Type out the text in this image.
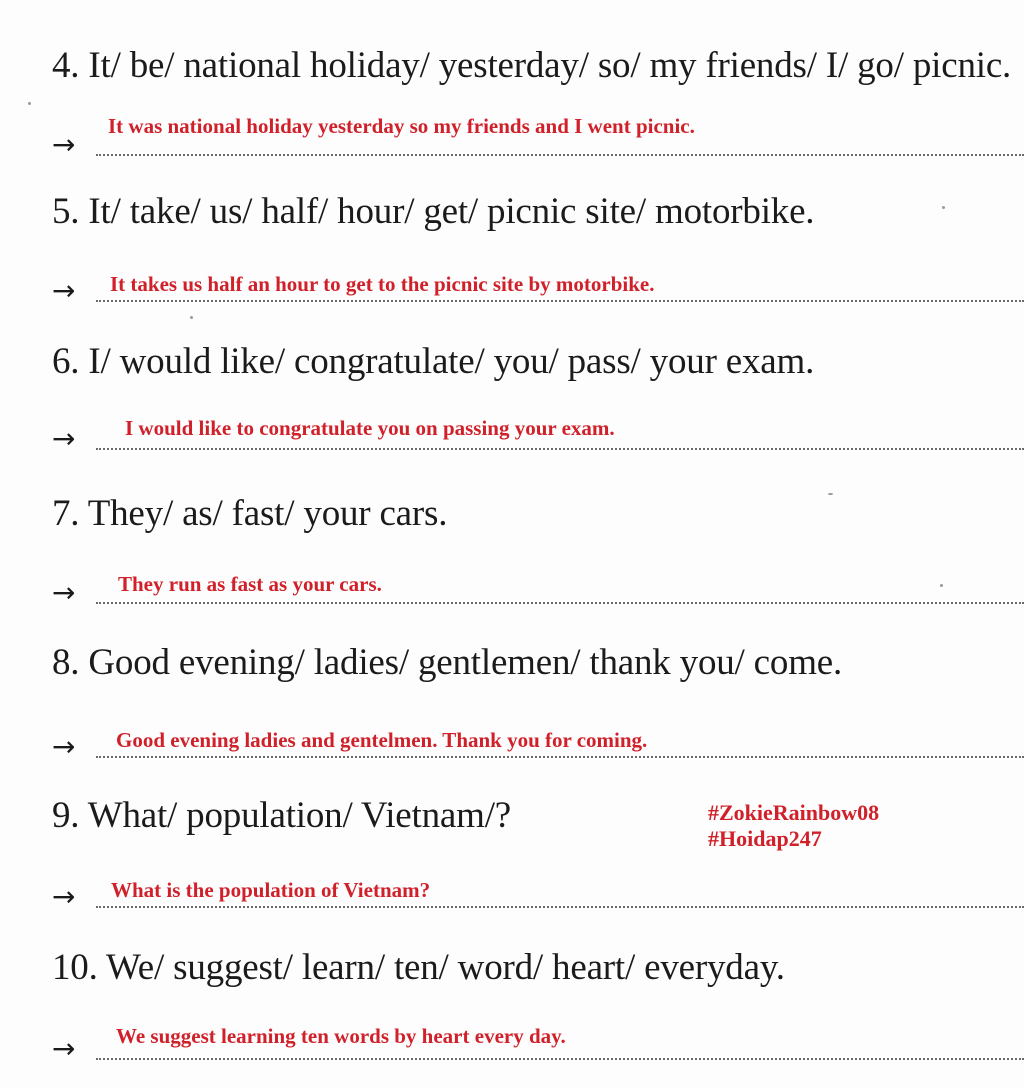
4. It/ be/ national holiday/ yesterday/ so/ my friends/ I/ go/ picnic.
→
It was national holiday yesterday so my friends and I went picnic.
5. It/ take/ us/ half/ hour/ get/ picnic site/ motorbike.
→ It takes us half an hour to get to the picnic site by motorbike.
6. I/ would like/ congratulate/ you/ pass/ your exam.
→ I would like to congratulate you on passing your exam.
7. They/ as/ fast/ your cars.
→ They run as fast as your cars.
8. Good evening/ ladies/ gentlemen/ thank you/ come.
→ Good evening ladies and gentelmen. Thank you for coming.
9. What/ population/ Vietnam/?
→ What is the population of Vietnam?
10. We/ suggest/ learn/ ten/ word/ heart/ everyday.
→ We suggest learning ten words by heart every day.
#ZokieRainbow08
#Hoidap247
